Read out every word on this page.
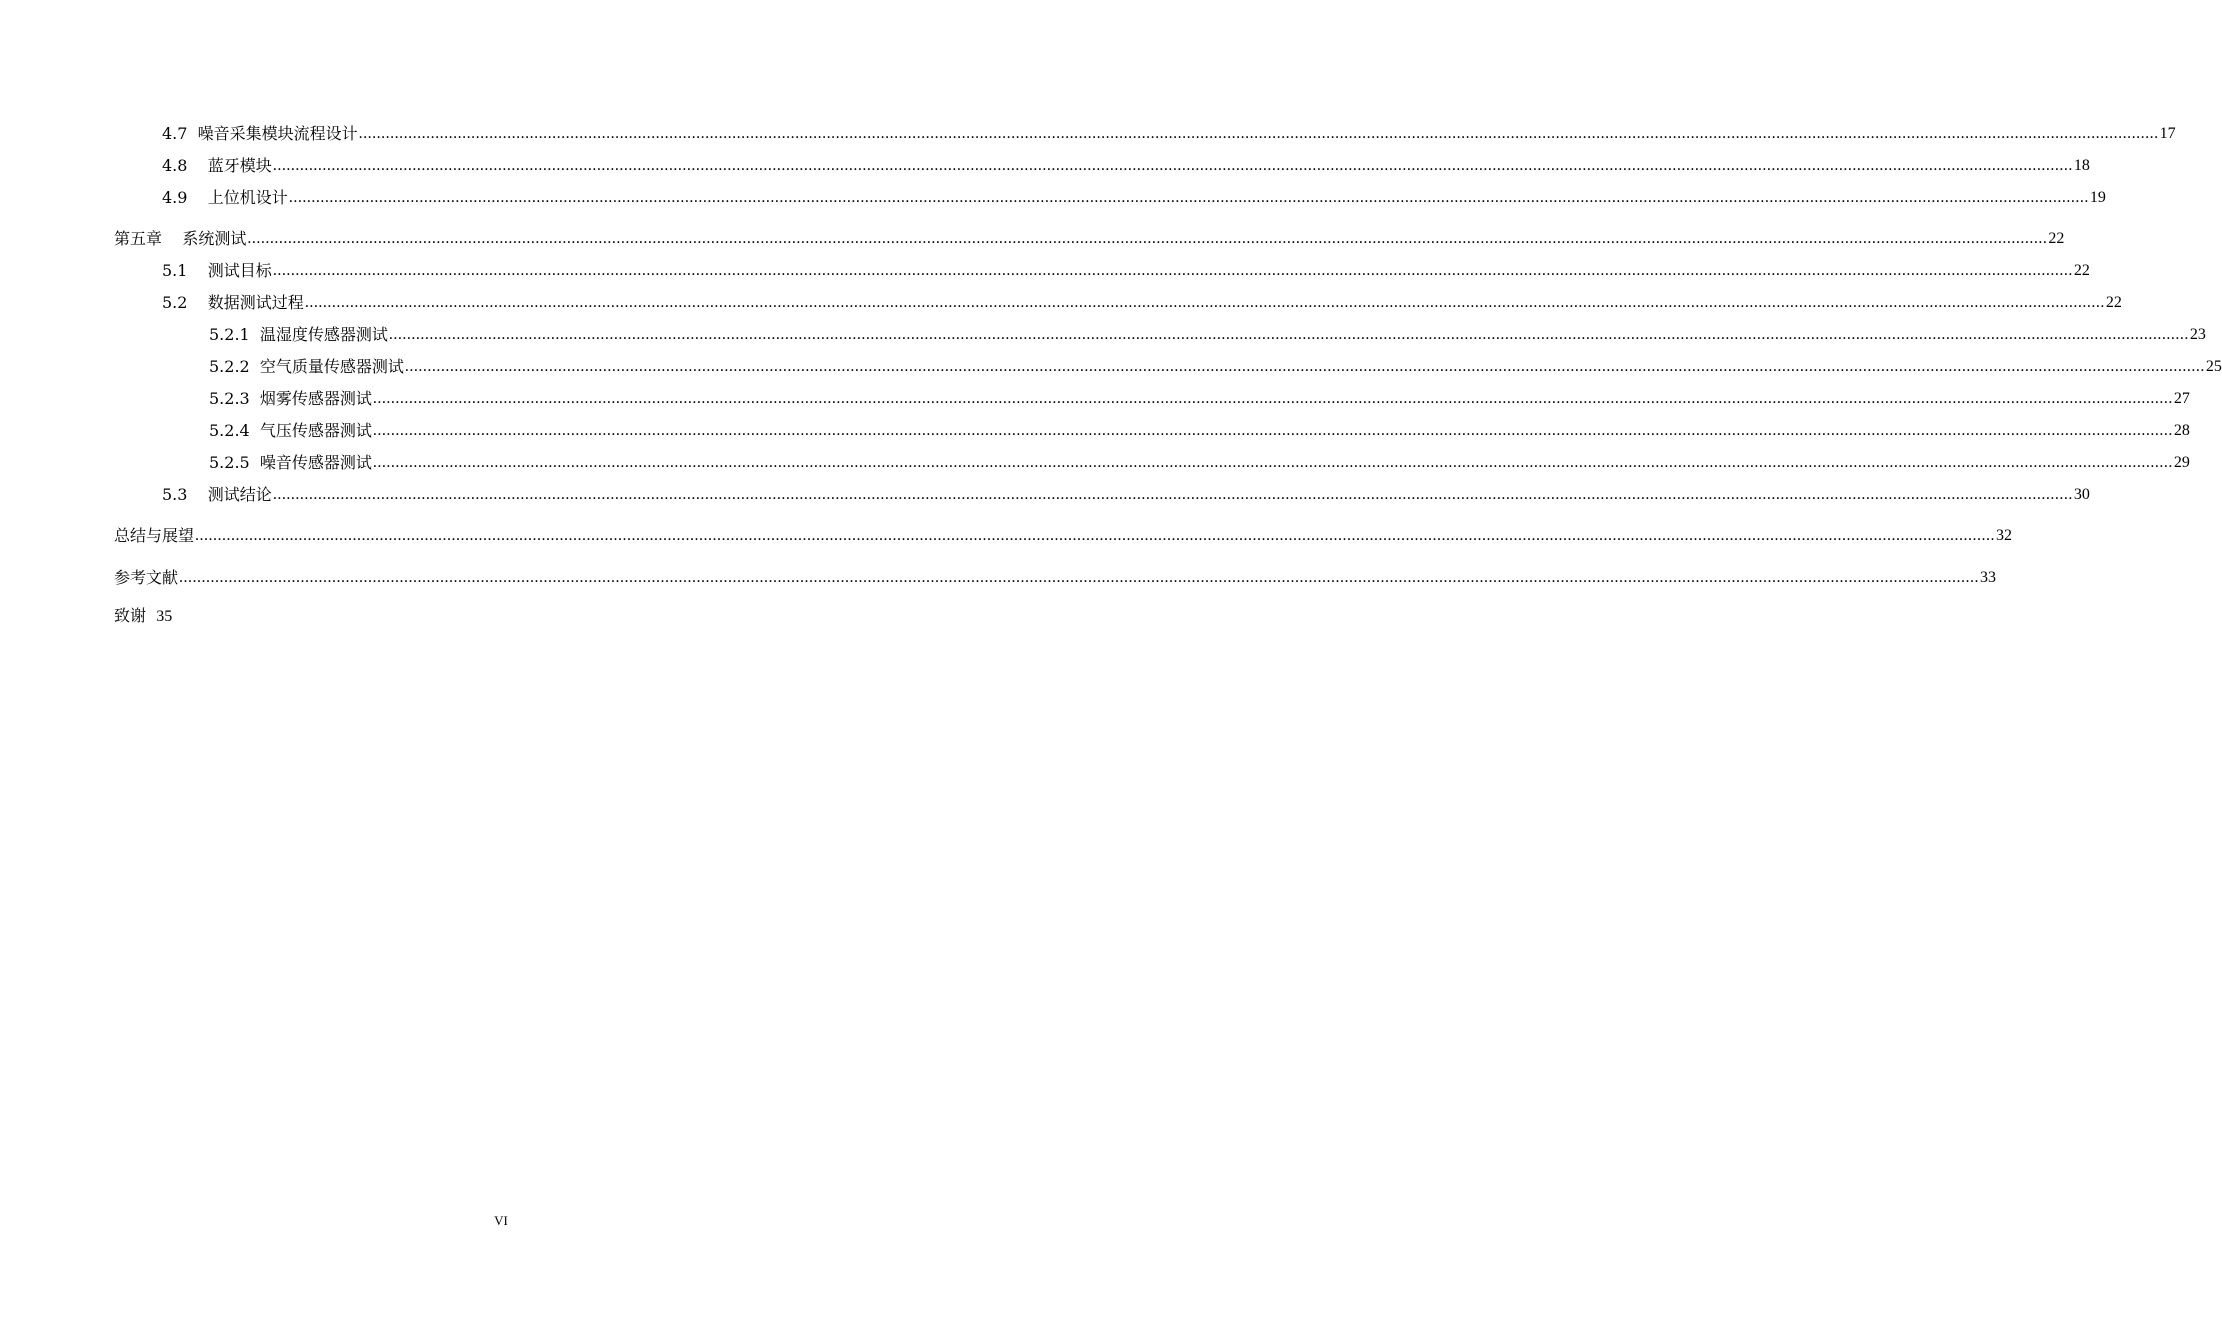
4.7
噪音采集模块流程设计 ................................................................................................................................................................................................................................................................................................................................................................................................................ 17
4.8
蓝牙模块 ................................................................................................................................................................................................................................................................................................................................................................................................................ 18
4.9
上位机设计 ................................................................................................................................................................................................................................................................................................................................................................................................................ 19
第五章
系统测试 ................................................................................................................................................................................................................................................................................................................................................................................................................ 22
5.1
测试目标 ................................................................................................................................................................................................................................................................................................................................................................................................................ 22
5.2
数据测试过程 ................................................................................................................................................................................................................................................................................................................................................................................................................ 22
5.2.1
温湿度传感器测试 ................................................................................................................................................................................................................................................................................................................................................................................................................ 23
5.2.2
空气质量传感器测试 ................................................................................................................................................................................................................................................................................................................................................................................................................ 25
5.2.3
烟雾传感器测试 ................................................................................................................................................................................................................................................................................................................................................................................................................ 27
5.2.4
气压传感器测试 ................................................................................................................................................................................................................................................................................................................................................................................................................ 28
5.2.5
噪音传感器测试 ................................................................................................................................................................................................................................................................................................................................................................................................................ 29
5.3
测试结论 ................................................................................................................................................................................................................................................................................................................................................................................................................ 30
总结与展望 ................................................................................................................................................................................................................................................................................................................................................................................................................ 32
参考文献 ................................................................................................................................................................................................................................................................................................................................................................................................................ 33
致谢 35
VI
